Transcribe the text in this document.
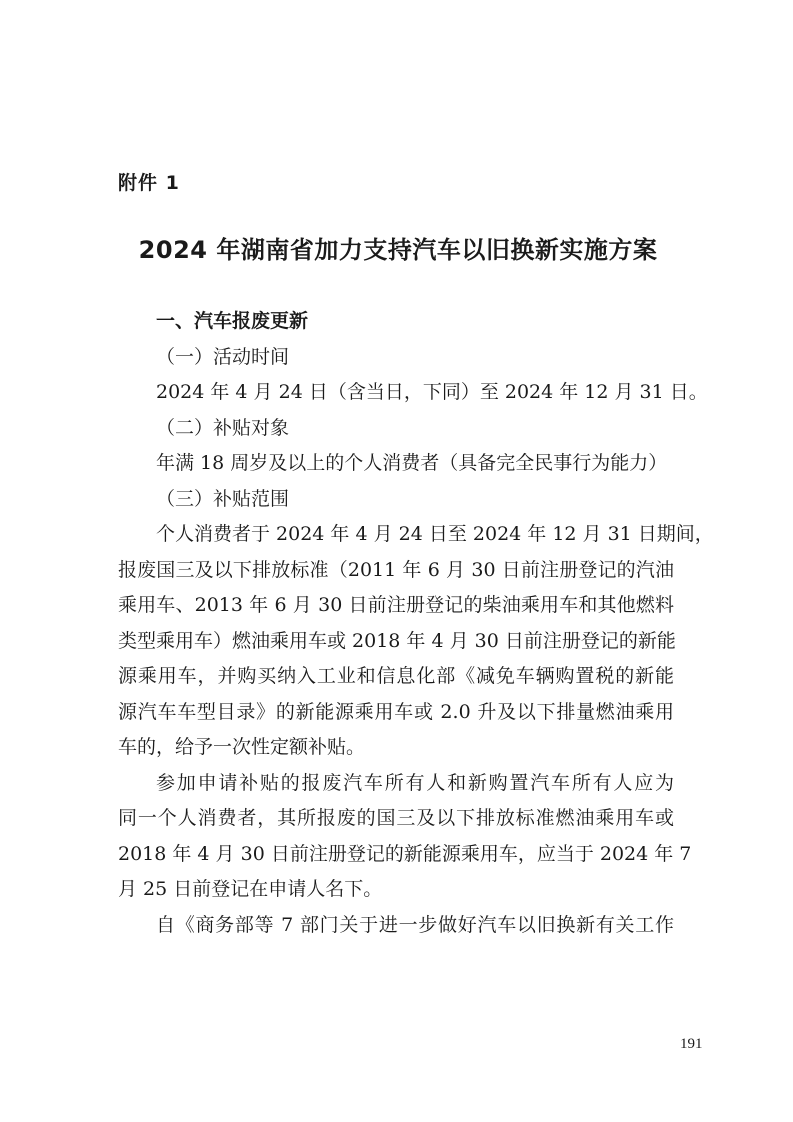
附件 1
2024 年湖南省加力支持汽车以旧换新实施方案
一、汽车报废更新
（一）活动时间
2024 年 4 月 24 日（含当日，下同）至 2024 年 12 月 31 日。
（二）补贴对象
年满 18 周岁及以上的个人消费者（具备完全民事行为能力）
（三）补贴范围
个人消费者于 2024 年 4 月 24 日至 2024 年 12 月 31 日期间，
报废国三及以下排放标准（2011 年 6 月 30 日前注册登记的汽油
乘用车、2013 年 6 月 30 日前注册登记的柴油乘用车和其他燃料
类型乘用车）燃油乘用车或 2018 年 4 月 30 日前注册登记的新能
源乘用车，并购买纳入工业和信息化部《减免车辆购置税的新能
源汽车车型目录》的新能源乘用车或 2.0 升及以下排量燃油乘用
车的，给予一次性定额补贴。
参加申请补贴的报废汽车所有人和新购置汽车所有人应为
同一个人消费者，其所报废的国三及以下排放标准燃油乘用车或
2018 年 4 月 30 日前注册登记的新能源乘用车，应当于 2024 年 7
月 25 日前登记在申请人名下。
自《商务部等 7 部门关于进一步做好汽车以旧换新有关工作
191
